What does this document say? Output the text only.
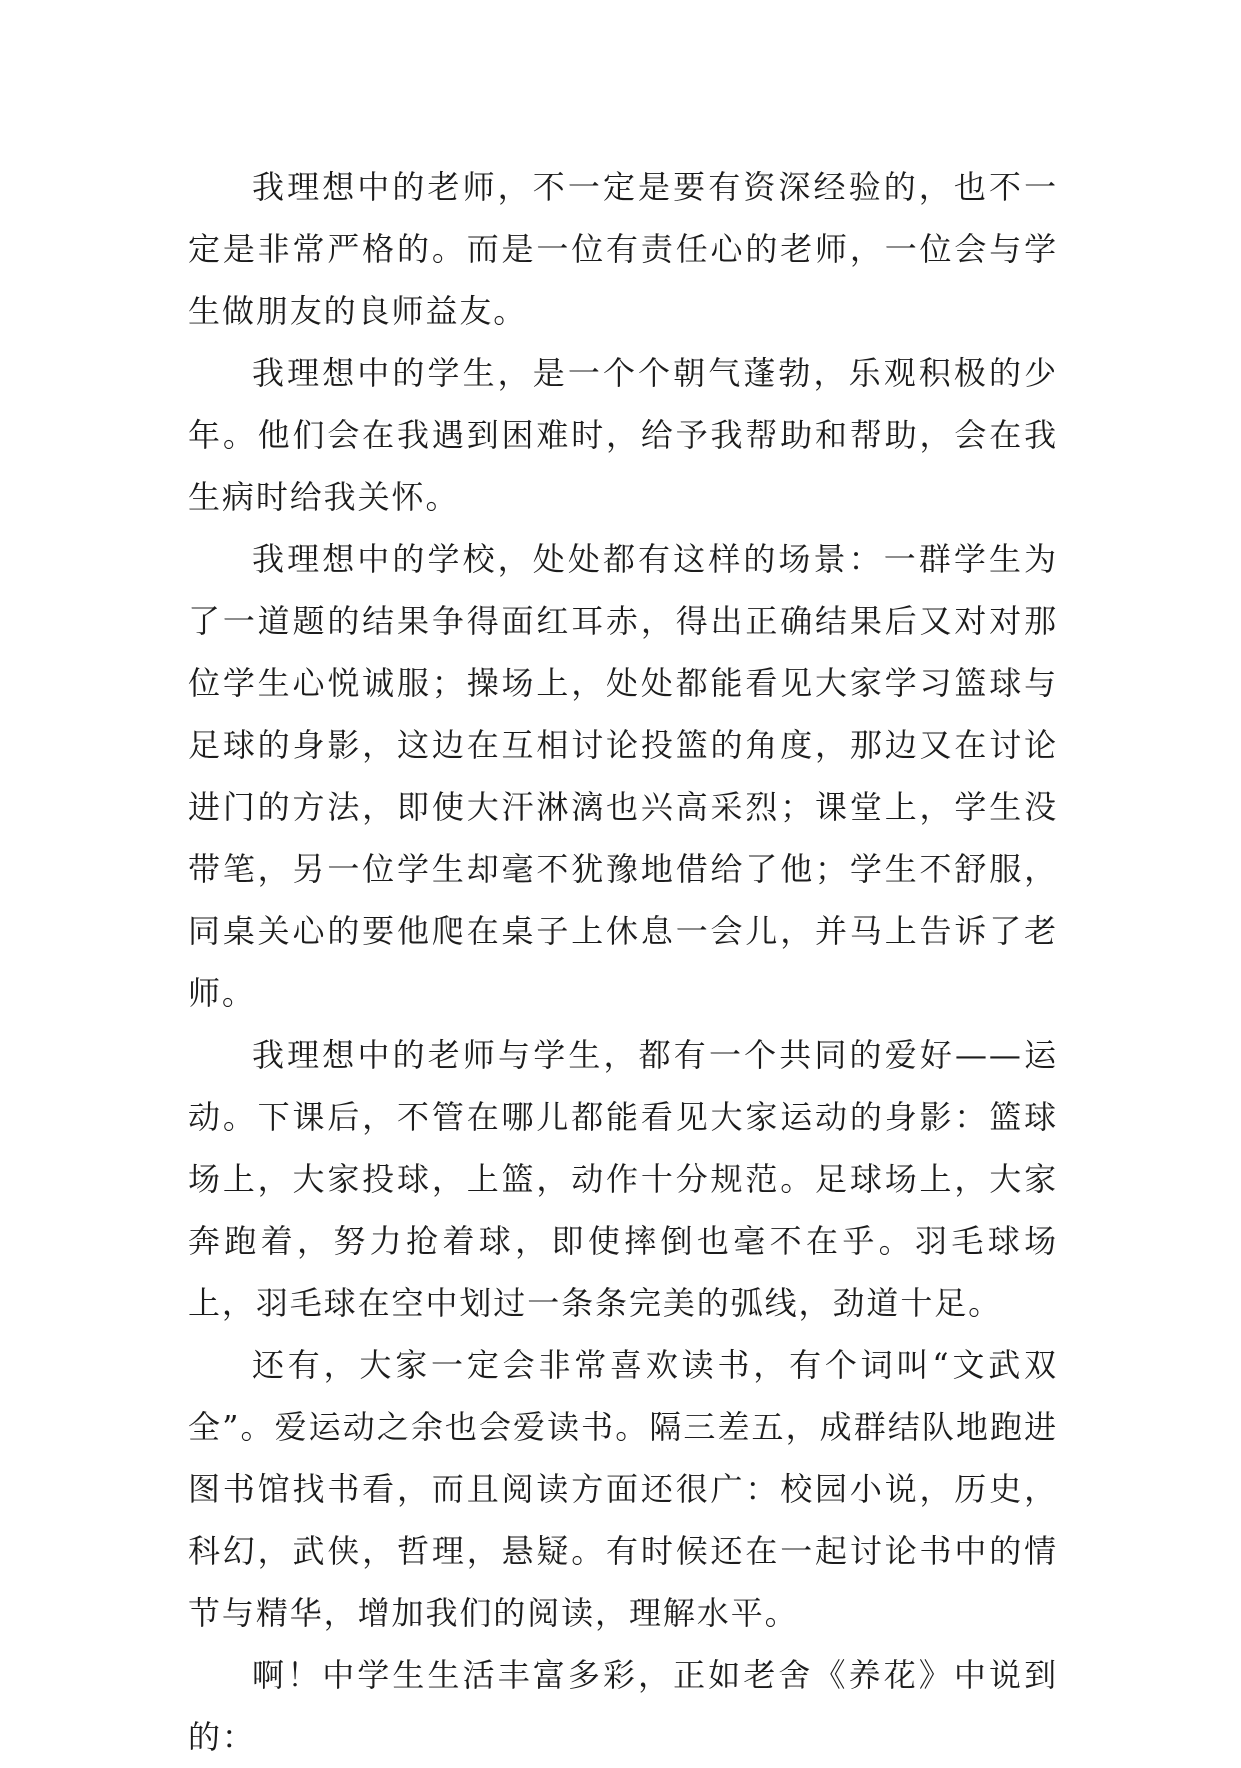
我理想中的老师，不一定是要有资深经验的，也不一定是非常严格的。而是一位有责任心的老师，一位会与学生做朋友的良师益友。

我理想中的学生，是一个个朝气蓬勃，乐观积极的少年。他们会在我遇到困难时，给予我帮助和帮助，会在我生病时给我关怀。

我理想中的学校，处处都有这样的场景：一群学生为了一道题的结果争得面红耳赤，得出正确结果后又对对那位学生心悦诚服；操场上，处处都能看见大家学习篮球与足球的身影，这边在互相讨论投篮的角度，那边又在讨论进门的方法，即使大汗淋漓也兴高采烈；课堂上，学生没带笔，另一位学生却毫不犹豫地借给了他；学生不舒服，同桌关心的要他爬在桌子上休息一会儿，并马上告诉了老师。

我理想中的老师与学生，都有一个共同的爱好——运动。下课后，不管在哪儿都能看见大家运动的身影：篮球场上，大家投球，上篮，动作十分规范。足球场上，大家奔跑着，努力抢着球，即使摔倒也毫不在乎。羽毛球场上，羽毛球在空中划过一条条完美的弧线，劲道十足。

还有，大家一定会非常喜欢读书，有个词叫“文武双全”。爱运动之余也会爱读书。隔三差五，成群结队地跑进图书馆找书看，而且阅读方面还很广：校园小说，历史，科幻，武侠，哲理，悬疑。有时候还在一起讨论书中的情节与精华，增加我们的阅读，理解水平。

啊！中学生生活丰富多彩，正如老舍《养花》中说到的：
